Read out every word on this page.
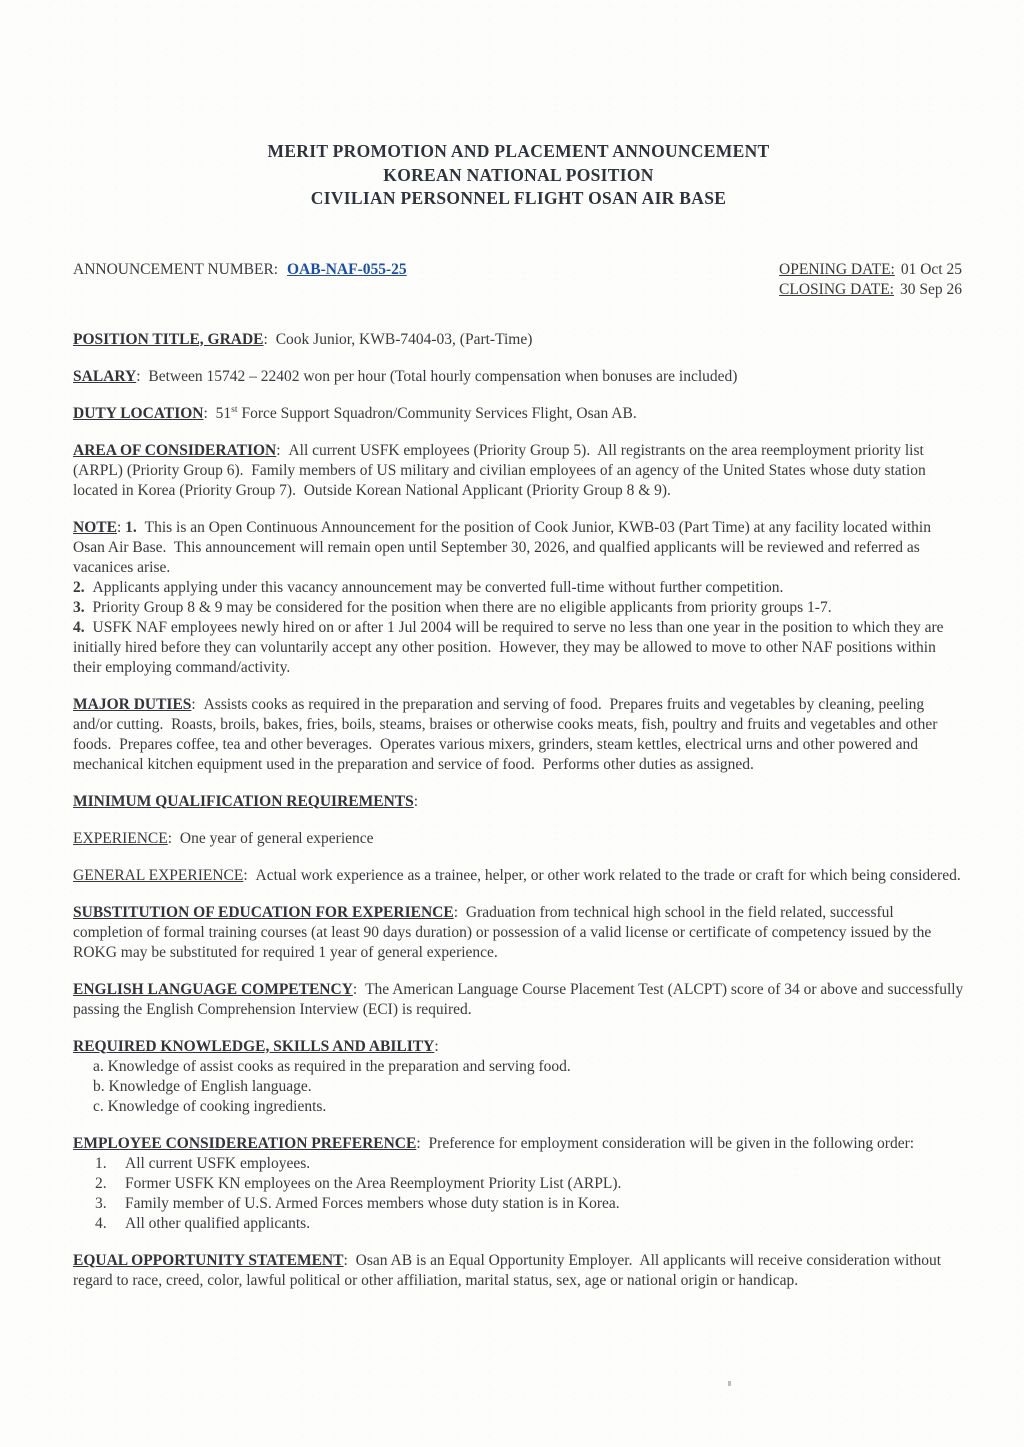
MERIT PROMOTION AND PLACEMENT ANNOUNCEMENT
KOREAN NATIONAL POSITION
CIVILIAN PERSONNEL FLIGHT OSAN AIR BASE
ANNOUNCEMENT NUMBER: OAB-NAF-055-25	OPENING DATE: 01 Oct 25
CLOSING DATE: 30 Sep 26

POSITION TITLE, GRADE: Cook Junior, KWB-7404-03, (Part-Time)

SALARY: Between 15742 – 22402 won per hour (Total hourly compensation when bonuses are included)

DUTY LOCATION: 51st Force Support Squadron/Community Services Flight, Osan AB.

AREA OF CONSIDERATION: All current USFK employees (Priority Group 5).  All registrants on the area reemployment priority list (ARPL) (Priority Group 6).  Family members of US military and civilian employees of an agency of the United States whose duty station located in Korea (Priority Group 7).  Outside Korean National Applicant (Priority Group 8 & 9).

NOTE: 1. This is an Open Continuous Announcement for the position of Cook Junior, KWB-03 (Part Time) at any facility located within Osan Air Base.  This announcement will remain open until September 30, 2026, and qualfied applicants will be reviewed and referred as vacanices arise.

2. Applicants applying under this vacancy announcement may be converted full-time without further competition.

3. Priority Group 8 & 9 may be considered for the position when there are no eligible applicants from priority groups 1-7.

4. USFK NAF employees newly hired on or after 1 Jul 2004 will be required to serve no less than one year in the position to which they are initially hired before they can voluntarily accept any other position.  However, they may be allowed to move to other NAF positions within their employing command/activity.

MAJOR DUTIES: Assists cooks as required in the preparation and serving of food.  Prepares fruits and vegetables by cleaning, peeling and/or cutting.  Roasts, broils, bakes, fries, boils, steams, braises or otherwise cooks meats, fish, poultry and fruits and vegetables and other foods.  Prepares coffee, tea and other beverages.  Operates various mixers, grinders, steam kettles, electrical urns and other powered and mechanical kitchen equipment used in the preparation and service of food.  Performs other duties as assigned.

MINIMUM QUALIFICATION REQUIREMENTS:

EXPERIENCE: One year of general experience

GENERAL EXPERIENCE: Actual work experience as a trainee, helper, or other work related to the trade or craft for which being considered.

SUBSTITUTION OF EDUCATION FOR EXPERIENCE: Graduation from technical high school in the field related, successful completion of formal training courses (at least 90 days duration) or possession of a valid license or certificate of competency issued by the ROKG may be substituted for required 1 year of general experience.

ENGLISH LANGUAGE COMPETENCY: The American Language Course Placement Test (ALCPT) score of 34 or above and successfully passing the English Comprehension Interview (ECI) is required.

REQUIRED KNOWLEDGE, SKILLS AND ABILITY:

a. Knowledge of assist cooks as required in the preparation and serving food.
b. Knowledge of English language.
c. Knowledge of cooking ingredients.

EMPLOYEE CONSIDEREATION PREFERENCE: Preference for employment consideration will be given in the following order:

1.	All current USFK employees.
2.	Former USFK KN employees on the Area Reemployment Priority List (ARPL).
3.	Family member of U.S. Armed Forces members whose duty station is in Korea.
4.	All other qualified applicants.

EQUAL OPPORTUNITY STATEMENT: Osan AB is an Equal Opportunity Employer.  All applicants will receive consideration without regard to race, creed, color, lawful political or other affiliation, marital status, sex, age or national origin or handicap.
